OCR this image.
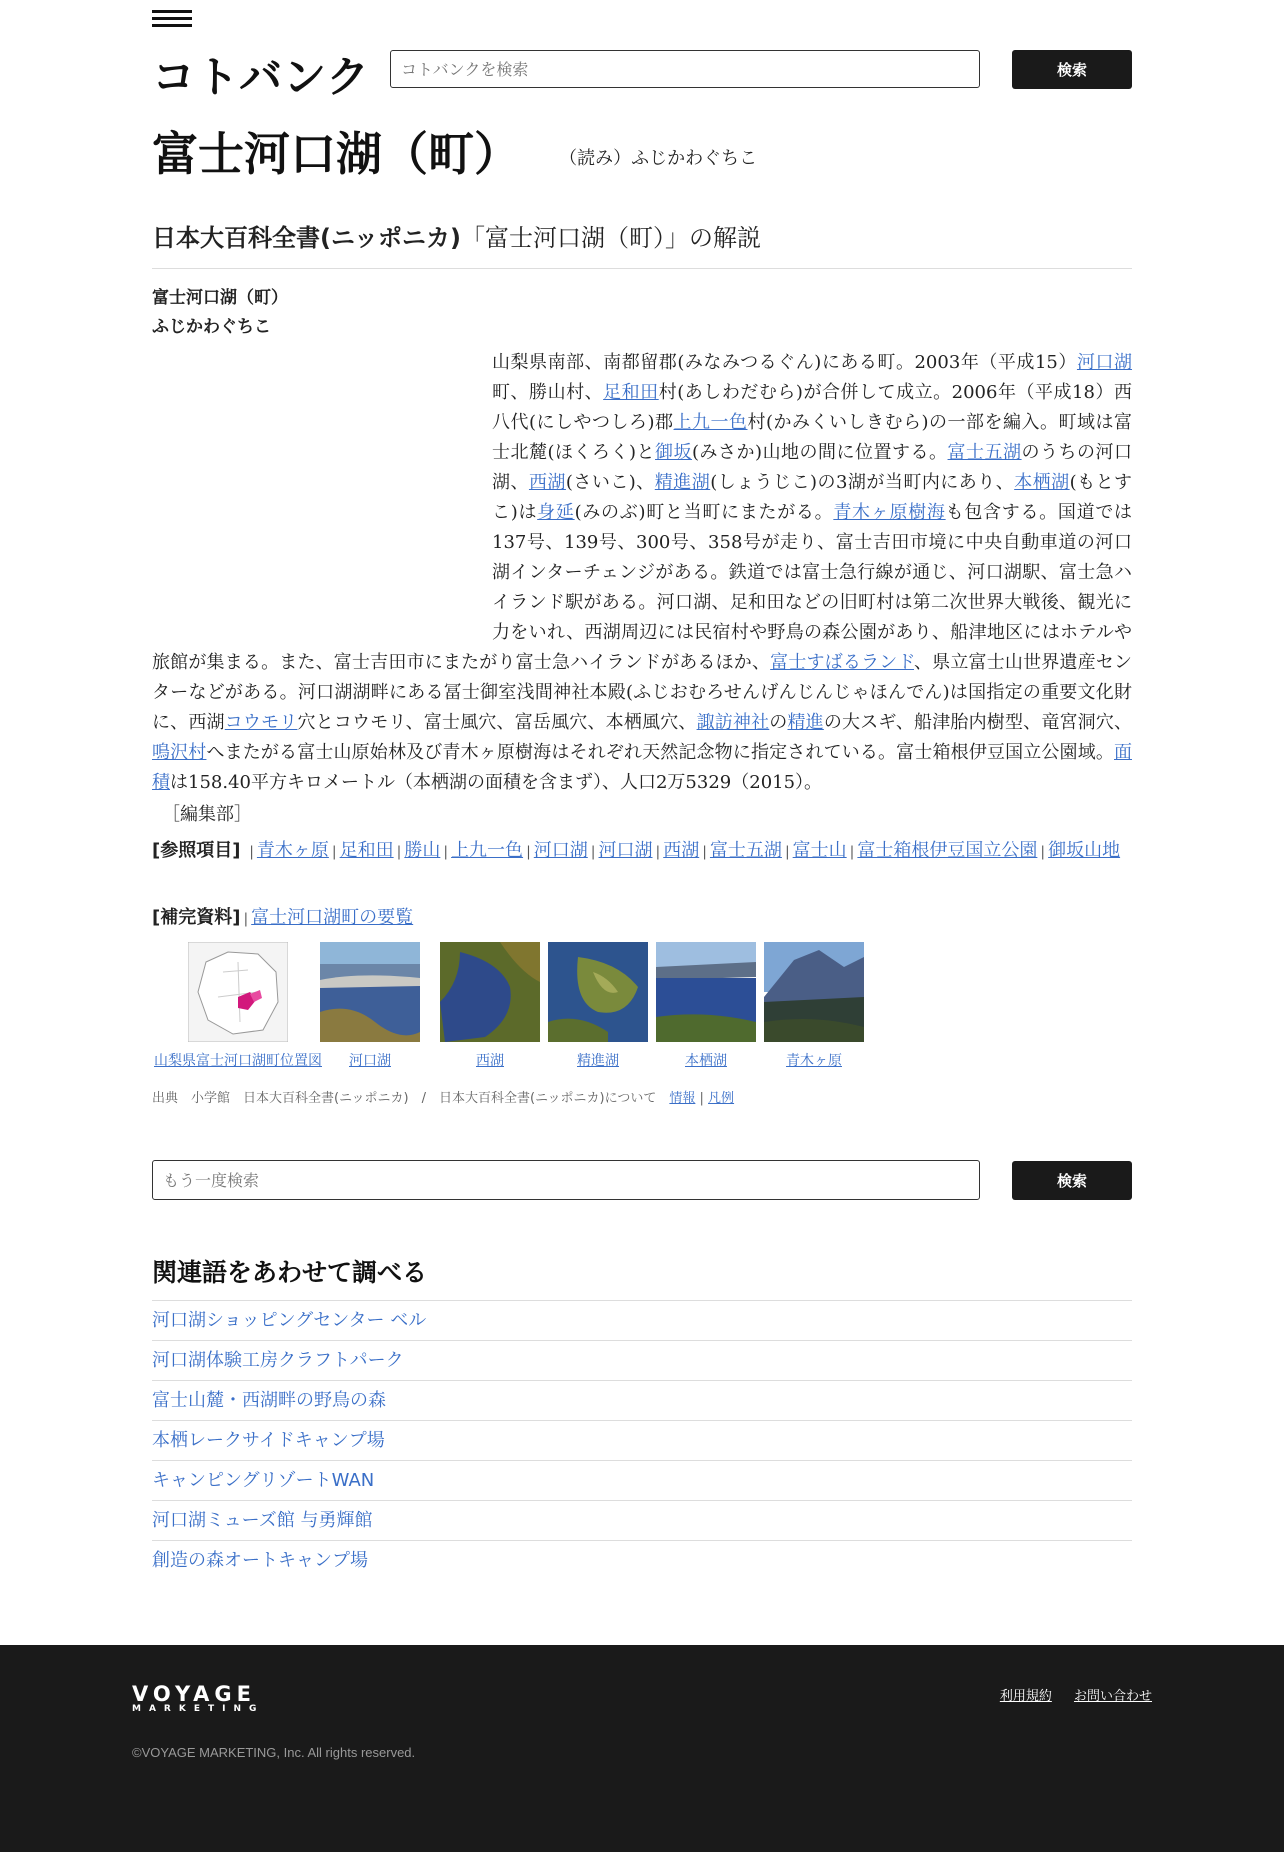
コトバンク
コトバンクを検索	検索
富士河口湖（町） （読み）ふじかわぐちこ
日本大百科全書(ニッポニカ)「富士河口湖（町）」の解説
富士河口湖（町）
ふじかわぐちこ
山梨県南部、南都留郡(みなみつるぐん)にある町。2003年（平成15）河口湖町、勝山村、足和田村(あしわだむら)が合併して成立。2006年（平成18）西八代(にしやつしろ)郡上九一色村(かみくいしきむら)の一部を編入。町域は富士北麓(ほくろく)と御坂(みさか)山地の間に位置する。富士五湖のうちの河口湖、西湖(さいこ)、精進湖(しょうじこ)の3湖が当町内にあり、本栖湖(もとすこ)は身延(みのぶ)町と当町にまたがる。青木ヶ原樹海も包含する。国道では137号、139号、300号、358号が走り、富士吉田市境に中央自動車道の河口湖インターチェンジがある。鉄道では富士急行線が通じ、河口湖駅、富士急ハイランド駅がある。河口湖、足和田などの旧町村は第二次世界大戦後、観光に力をいれ、西湖周辺には民宿村や野鳥の森公園があり、船津地区にはホテルや旅館が集まる。また、富士吉田市にまたがり富士急ハイランドがあるほか、富士すばるランド、県立富士山世界遺産センターなどがある。河口湖湖畔にある冨士御室浅間神社本殿(ふじおむろせんげんじんじゃほんでん)は国指定の重要文化財に、西湖コウモリ穴とコウモリ、富士風穴、富岳風穴、本栖風穴、諏訪神社の精進の大スギ、船津胎内樹型、竜宮洞穴、鳴沢村へまたがる富士山原始林及び青木ヶ原樹海はそれぞれ天然記念物に指定されている。富士箱根伊豆国立公園域。面積は158.40平方キロメートル（本栖湖の面積を含まず）、人口2万5329（2015）。
［編集部］
[参照項目] | 青木ヶ原 | 足和田 | 勝山 | 上九一色 | 河口湖 | 河口湖 | 西湖 | 富士五湖 | 富士山 | 富士箱根伊豆国立公園 | 御坂山地
[補完資料] | 富士河口湖町の要覧
山梨県富士河口湖町位置図	河口湖	西湖	精進湖	本栖湖	青木ヶ原
出典　小学館　日本大百科全書(ニッポニカ)　/　日本大百科全書(ニッポニカ)について　情報 | 凡例
もう一度検索
検索
関連語をあわせて調べる
河口湖ショッピングセンター ベル
河口湖体験工房クラフトパーク
富士山麓・西湖畔の野鳥の森
本栖レークサイドキャンプ場
キャンピングリゾートWAN
河口湖ミューズ館 与勇輝館
創造の森オートキャンプ場
VOYAGE
MARKETING
利用規約 お問い合わせ
©VOYAGE MARKETING, Inc. All rights reserved.
